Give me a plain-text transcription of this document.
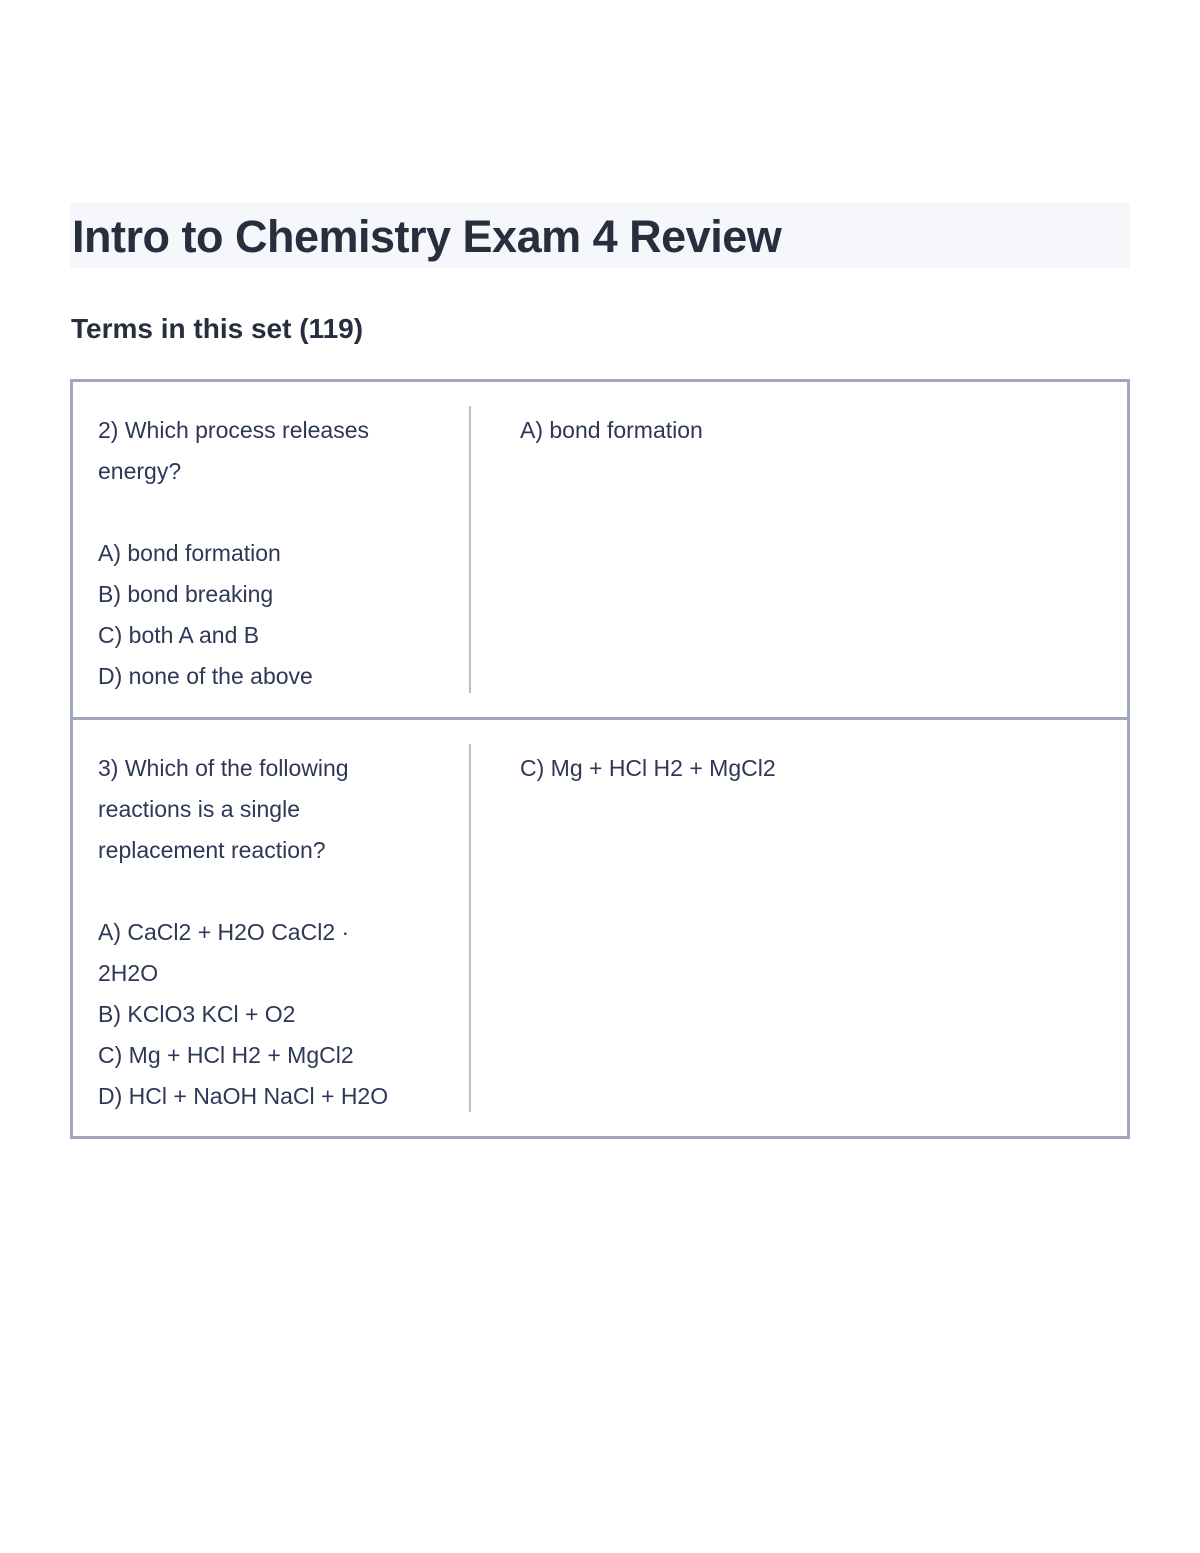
Intro to Chemistry Exam 4 Review
Terms in this set (119)
2) Which process releases
energy?
A) bond formation
B) bond breaking
C) both A and B
D) none of the above
A) bond formation
3) Which of the following
reactions is a single
replacement reaction?
A) CaCl2 + H2O CaCl2 ·
2H2O
B) KClO3 KCl + O2
C) Mg + HCl H2 + MgCl2
D) HCl + NaOH NaCl + H2O
C) Mg + HCl H2 + MgCl2
